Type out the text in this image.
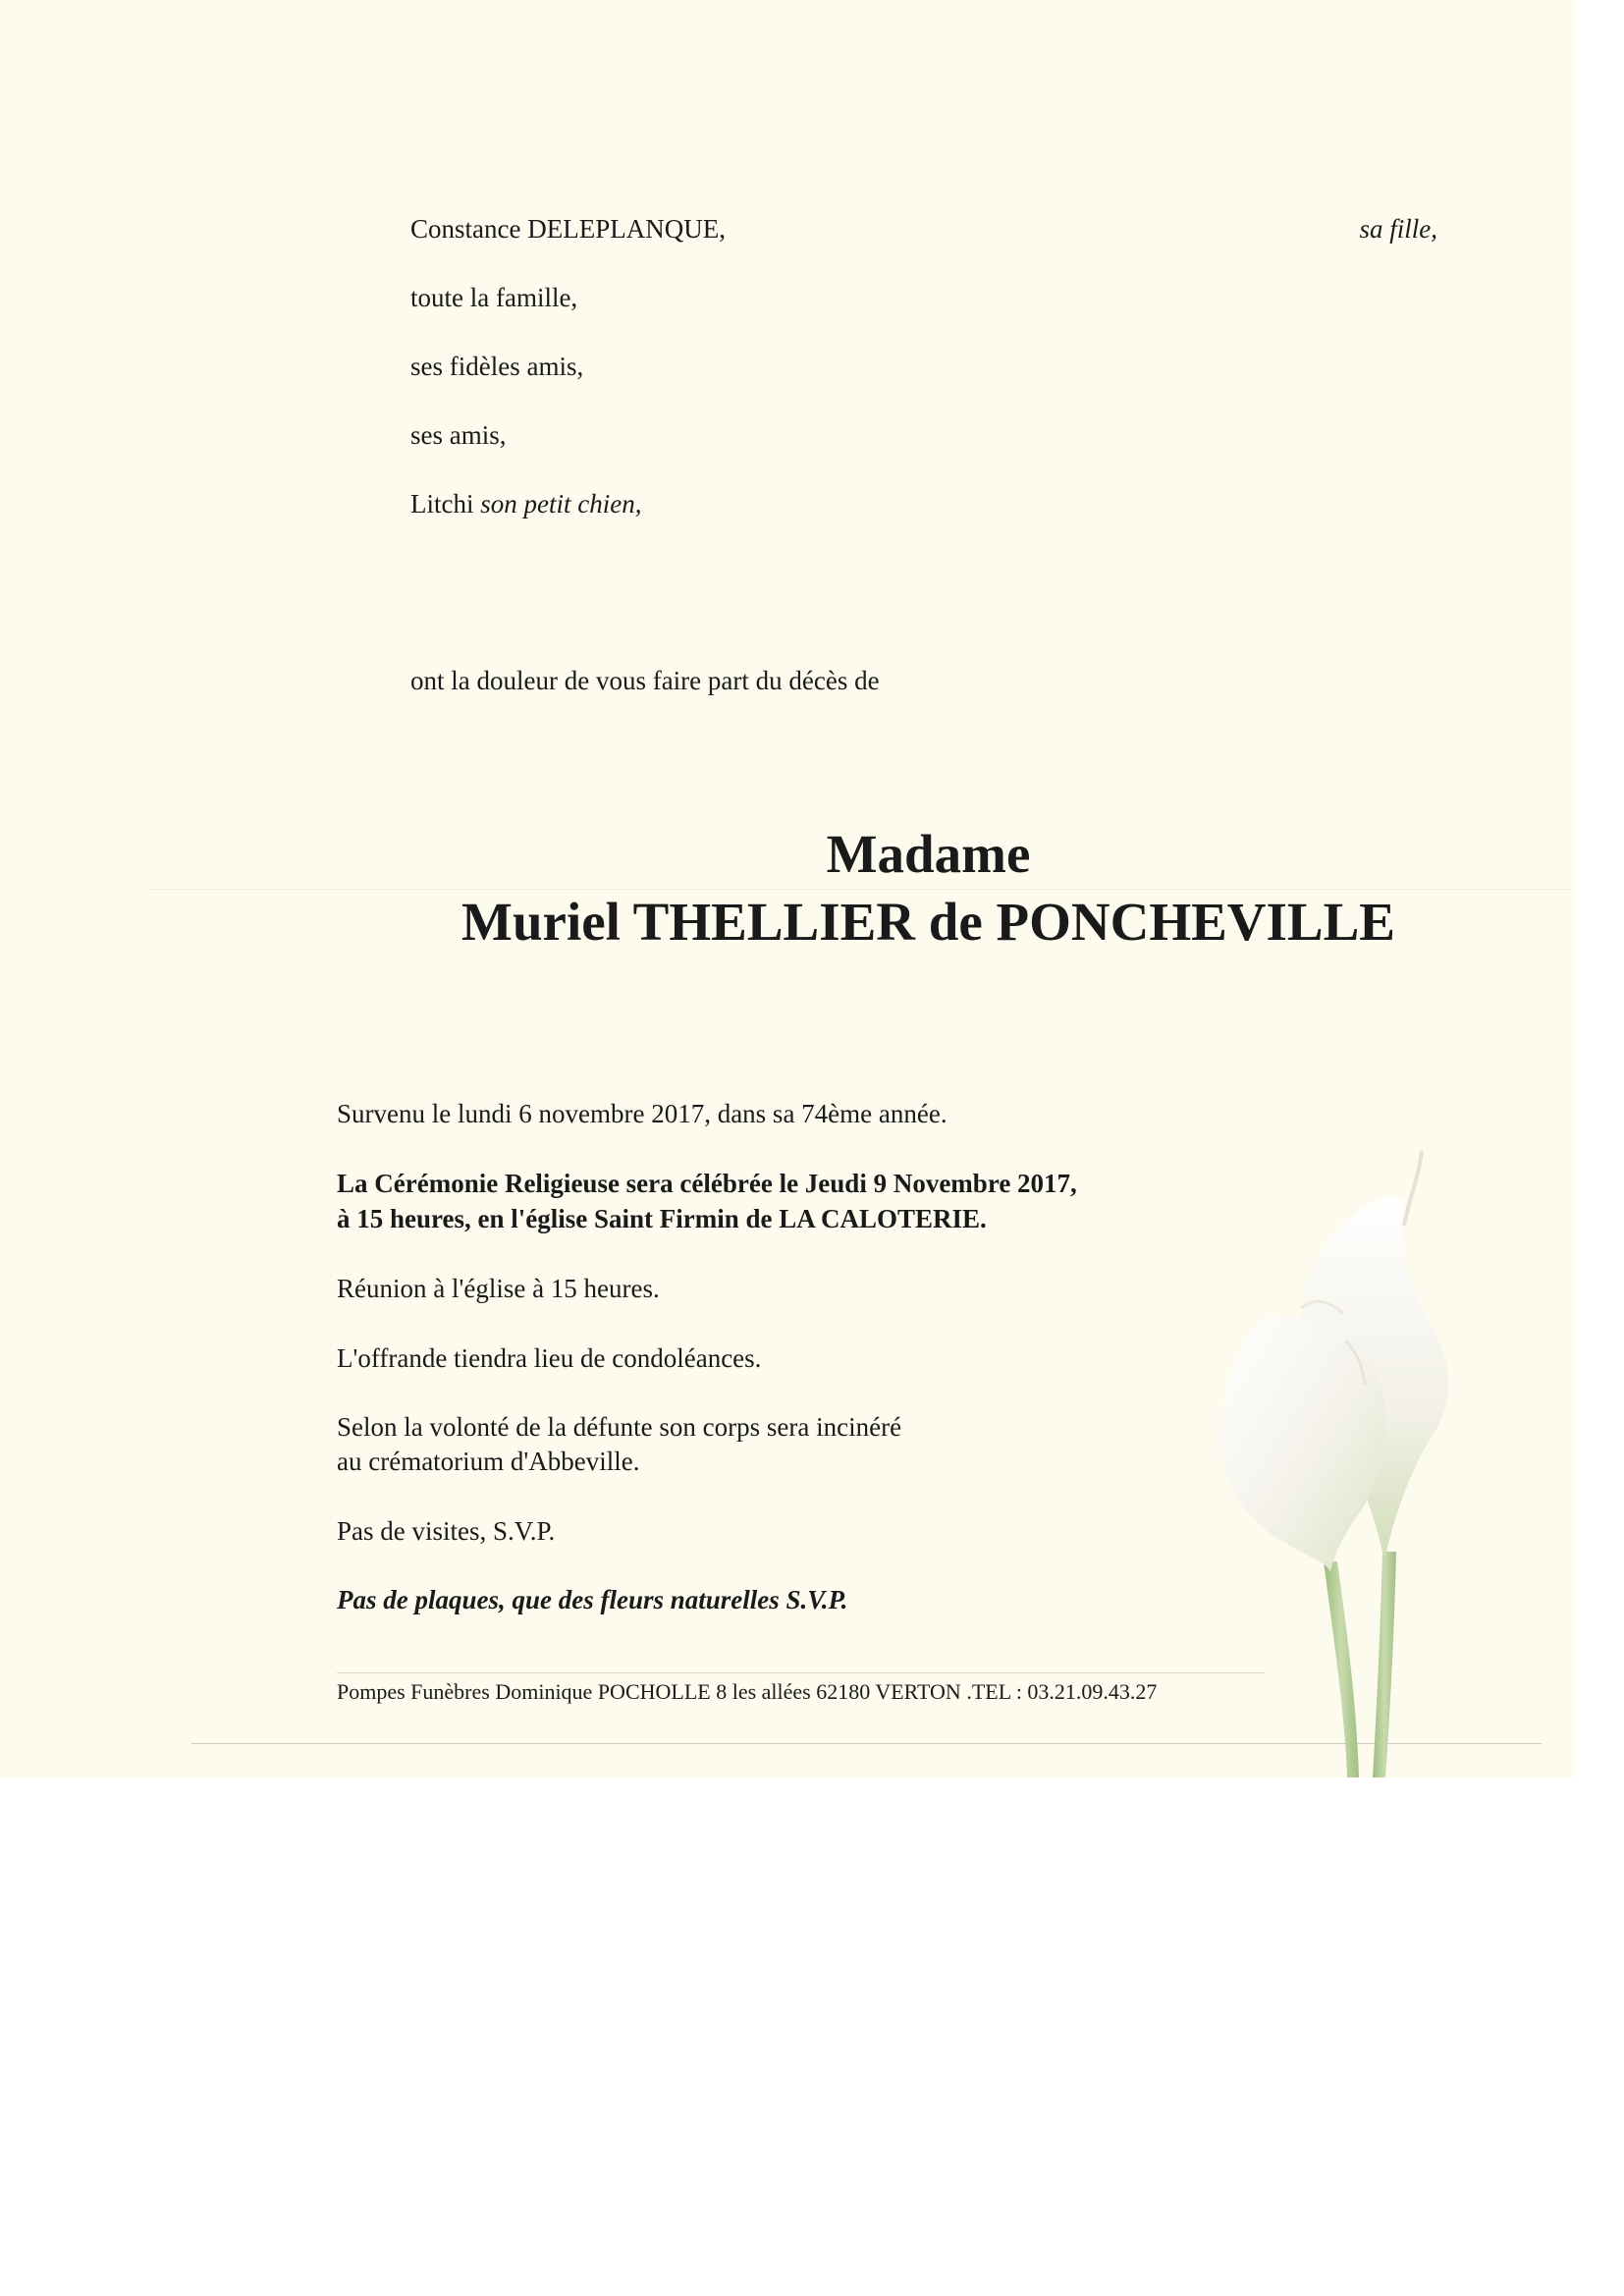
Constance DELEPLANQUE,	sa fille,
toute la famille,
ses fidèles amis,
ses amis,
Litchi son petit chien,
ont la douleur de vous faire part du décès de
Madame
Muriel THELLIER de PONCHEVILLE
Survenu le lundi 6 novembre 2017, dans sa 74ème année.
La Cérémonie Religieuse sera célébrée le Jeudi 9 Novembre 2017,
à 15 heures, en l'église Saint Firmin de LA CALOTERIE.
Réunion à l'église à 15 heures.
L'offrande tiendra lieu de condoléances.
Selon la volonté de la défunte son corps sera incinéré
au crématorium d'Abbeville.
Pas de visites, S.V.P.
Pas de plaques, que des fleurs naturelles S.V.P.
Pompes Funèbres Dominique POCHOLLE 8 les allées 62180 VERTON .TEL : 03.21.09.43.27
